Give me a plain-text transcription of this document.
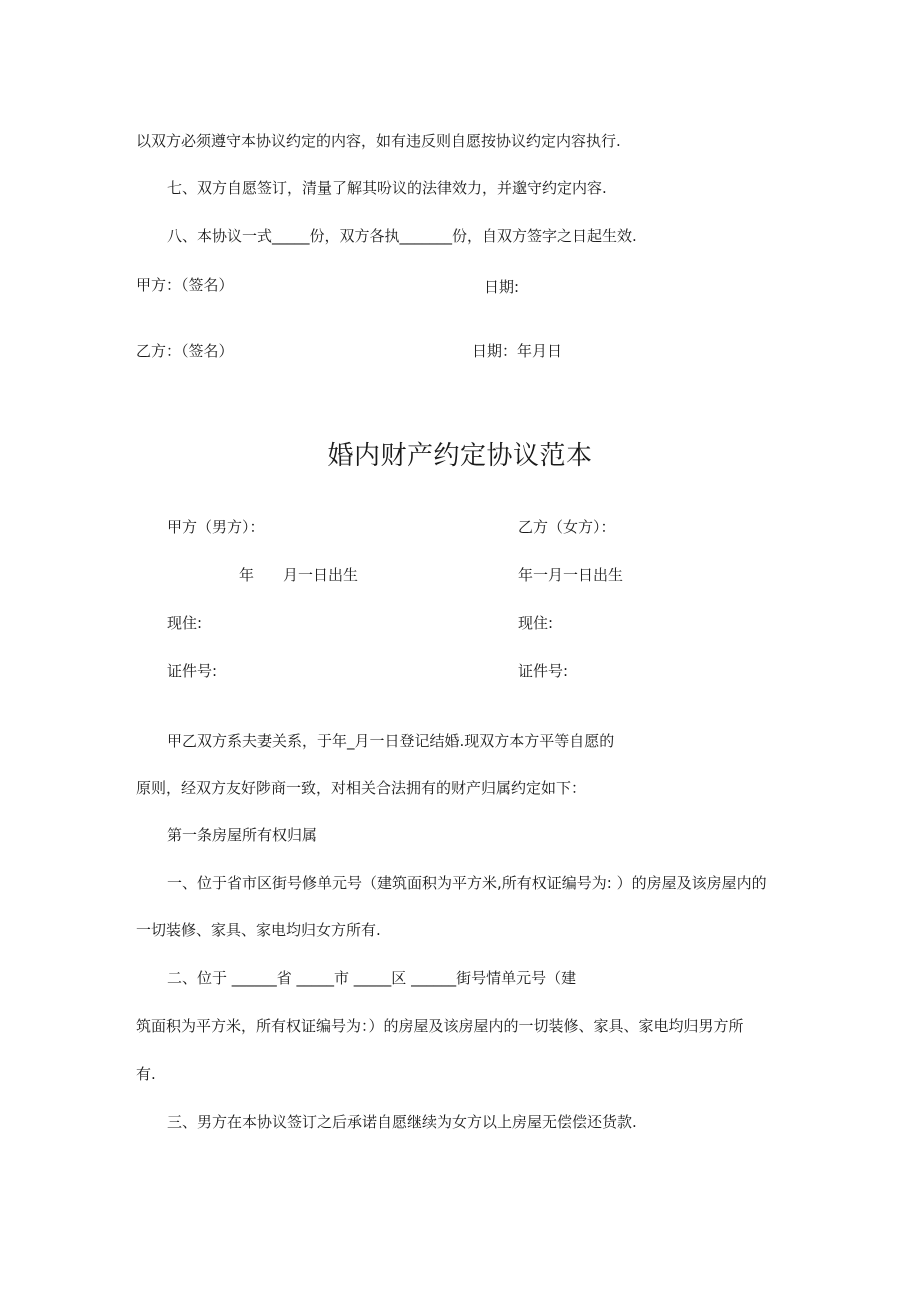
以双方必须遵守本协议约定的内容，如有违反则自愿按协议约定内容执行.
七、双方自愿签订，清量了解其吩议的法律效力，并邈守约定内容.
八、本协议一式_____份，双方各执_______份，自双方签字之日起生效.
甲方：（签名）	日期:
乙方：（签名）	日期：年月日
婚内财产约定协议范本
甲方（男方）：	乙方（女方）：
年 月一日出生	年一月一日出生
现住:	现住:
证件号:	证件号:
甲乙双方系夫妻关系，于年_月一日登记结婚.现双方本方平等自愿的
原则，经双方友好陟商一致，对相关合法拥有的财产归属约定如下：
第一条房屋所有权归属
一、位于省市区街号修单元号（建筑面积为平方米,所有权证编号为: ）的房屋及该房屋内的
一切装修、家具、家电均归女方所有.
二、位于 ______省 _____市 _____区 ______街号情单元号（建
筑面积为平方米，所有权证编号为：）的房屋及该房屋内的一切装修、家具、家电均归男方所
有.
三、男方在本协议签订之后承诺自愿继续为女方以上房屋无偿偿还货款.
